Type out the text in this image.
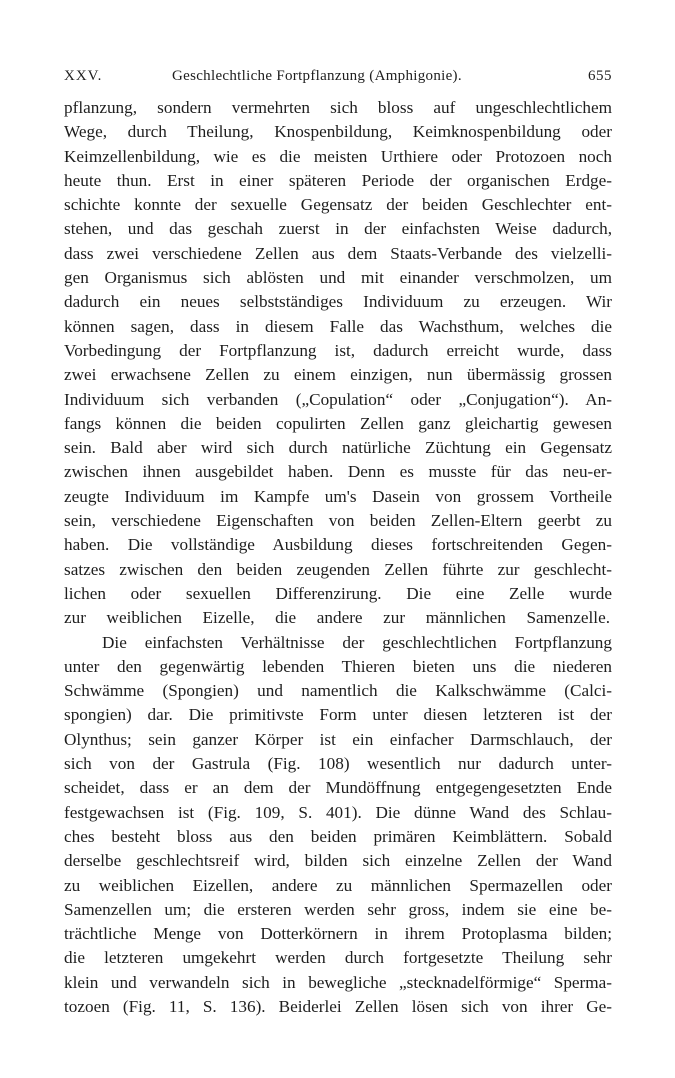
XXV.	Geschlechtliche Fortpflanzung (Amphigonie).	655
pflanzung, sondern vermehrten sich bloss auf ungeschlechtlichem
Wege, durch Theilung, Knospenbildung, Keimknospenbildung oder
Keimzellenbildung, wie es die meisten Urthiere oder Protozoen noch
heute thun. Erst in einer späteren Periode der organischen Erdge-
schichte konnte der sexuelle Gegensatz der beiden Geschlechter ent-
stehen, und das geschah zuerst in der einfachsten Weise dadurch,
dass zwei verschiedene Zellen aus dem Staats-Verbande des vielzelli-
gen Organismus sich ablösten und mit einander verschmolzen, um
dadurch ein neues selbstständiges Individuum zu erzeugen. Wir
können sagen, dass in diesem Falle das Wachsthum, welches die
Vorbedingung der Fortpflanzung ist, dadurch erreicht wurde, dass
zwei erwachsene Zellen zu einem einzigen, nun übermässig grossen
Individuum sich verbanden („Copulation“ oder „Conjugation“). An-
fangs können die beiden copulirten Zellen ganz gleichartig gewesen
sein. Bald aber wird sich durch natürliche Züchtung ein Gegensatz
zwischen ihnen ausgebildet haben. Denn es musste für das neu-er-
zeugte Individuum im Kampfe um's Dasein von grossem Vortheile
sein, verschiedene Eigenschaften von beiden Zellen-Eltern geerbt zu
haben. Die vollständige Ausbildung dieses fortschreitenden Gegen-
satzes zwischen den beiden zeugenden Zellen führte zur geschlecht-
lichen oder sexuellen Differenzirung. Die eine Zelle wurde
zur weiblichen Eizelle, die andere zur männlichen Samenzelle.
Die einfachsten Verhältnisse der geschlechtlichen Fortpflanzung
unter den gegenwärtig lebenden Thieren bieten uns die niederen
Schwämme (Spongien) und namentlich die Kalkschwämme (Calci-
spongien) dar. Die primitivste Form unter diesen letzteren ist der
Olynthus; sein ganzer Körper ist ein einfacher Darmschlauch, der
sich von der Gastrula (Fig. 108) wesentlich nur dadurch unter-
scheidet, dass er an dem der Mundöffnung entgegengesetzten Ende
festgewachsen ist (Fig. 109, S. 401). Die dünne Wand des Schlau-
ches besteht bloss aus den beiden primären Keimblättern. Sobald
derselbe geschlechtsreif wird, bilden sich einzelne Zellen der Wand
zu weiblichen Eizellen, andere zu männlichen Spermazellen oder
Samenzellen um; die ersteren werden sehr gross, indem sie eine be-
trächtliche Menge von Dotterkörnern in ihrem Protoplasma bilden;
die letzteren umgekehrt werden durch fortgesetzte Theilung sehr
klein und verwandeln sich in bewegliche „stecknadelförmige“ Sperma-
tozoen (Fig. 11, S. 136). Beiderlei Zellen lösen sich von ihrer Ge-
